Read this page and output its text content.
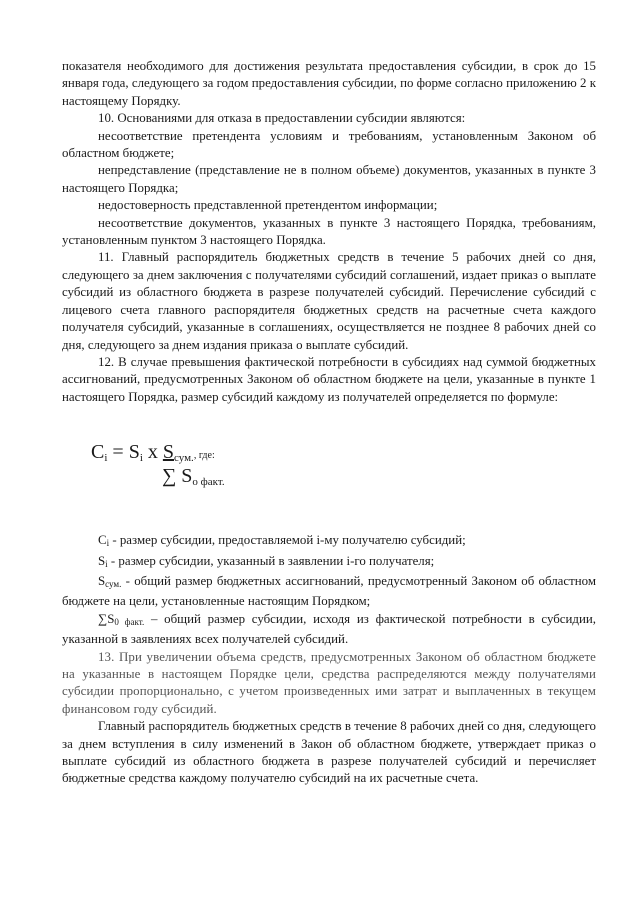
показателя необходимого для достижения результата предоставления субсидии, в срок до 15 января года, следующего за годом предоставления субсидии, по форме согласно приложению 2 к настоящему Порядку.

10. Основаниями для отказа в предоставлении субсидии являются:

несоответствие претендента условиям и требованиям, установленным Законом об областном бюджете;

непредставление (представление не в полном объеме) документов, указанных в пункте 3 настоящего Порядка;

недостоверность представленной претендентом информации;

несоответствие документов, указанных в пункте 3 настоящего Порядка, требованиям, установленным пунктом 3 настоящего Порядка.

11. Главный распорядитель бюджетных средств в течение 5 рабочих дней со дня, следующего за днем заключения с получателями субсидий соглашений, издает приказ о выплате субсидий из областного бюджета в разрезе получателей субсидий. Перечисление субсидий с лицевого счета главного распорядителя бюджетных средств на расчетные счета каждого получателя субсидий, указанные в соглашениях, осуществляется не позднее 8 рабочих дней со дня, следующего за днем издания приказа о выплате субсидий.

12. В случае превышения фактической потребности в субсидиях над суммой бюджетных ассигнований, предусмотренных Законом об областном бюджете на цели, указанные в пункте 1 настоящего Порядка, размер субсидий каждому из получателей определяется по формуле:

$C_i = S_i$ x $S_{сум.}$, где:
∑ $S_{o факт.}$

$C_i$ - размер субсидии, предоставляемой i-му получателю субсидий;

$S_i$ - размер субсидии, указанный в заявлении i-го получателя;

$S_{сум.}$ - общий размер бюджетных ассигнований, предусмотренный Законом об областном бюджете на цели, установленные настоящим Порядком;

$\sum S_{0 факт.}$ – общий размер субсидии, исходя из фактической потребности в субсидии, указанной в заявлениях всех получателей субсидий.

13. При увеличении объема средств, предусмотренных Законом об областном бюджете на указанные в настоящем Порядке цели, средства распределяются между получателями субсидии пропорционально, с учетом произведенных ими затрат и выплаченных в текущем финансовом году субсидий.

Главный распорядитель бюджетных средств в течение 8 рабочих дней со дня, следующего за днем вступления в силу изменений в Закон об областном бюджете, утверждает приказ о выплате субсидий из областного бюджета в разрезе получателей субсидий и перечисляет бюджетные средства каждому получателю субсидий на их расчетные счета.
